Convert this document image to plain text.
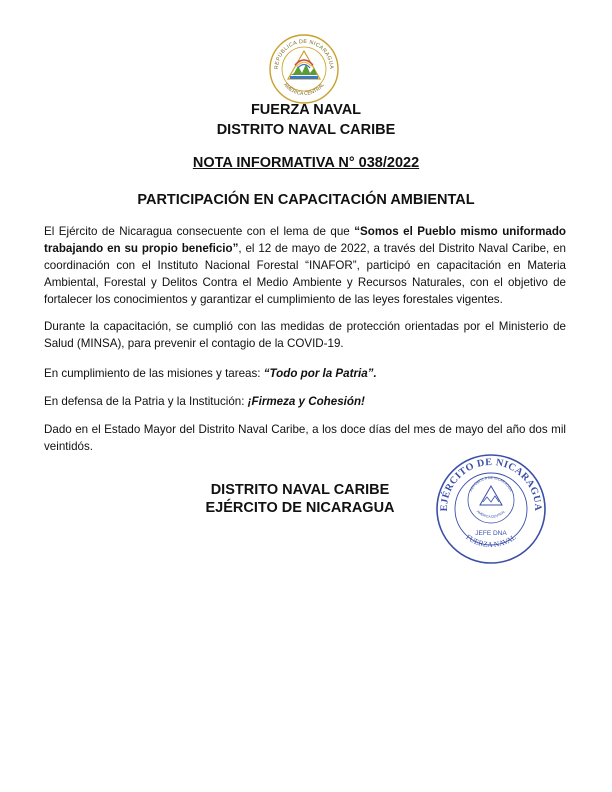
REPÚBLICA DE NICARAGUA
AMÉRICA CENTRAL
FUERZA NAVAL
DISTRITO NAVAL CARIBE
NOTA INFORMATIVA N° 038/2022
PARTICIPACIÓN EN CAPACITACIÓN AMBIENTAL
El Ejército de Nicaragua consecuente con el lema de que “Somos el Pueblo mismo uniformado trabajando en su propio beneficio”, el 12 de mayo de 2022, a través del Distrito Naval Caribe, en coordinación con el Instituto Nacional Forestal “INAFOR”, participó en capacitación en Materia Ambiental, Forestal y Delitos Contra el Medio Ambiente y Recursos Naturales, con el objetivo de fortalecer los conocimientos y garantizar el cumplimiento de las leyes forestales vigentes.
Durante la capacitación, se cumplió con las medidas de protección orientadas por el Ministerio de Salud (MINSA), para prevenir el contagio de la COVID-19.
En cumplimiento de las misiones y tareas: “Todo por la Patria”.
En defensa de la Patria y la Institución: ¡Firmeza y Cohesión!
Dado en el Estado Mayor del Distrito Naval Caribe, a los doce días del mes de mayo del año dos mil veintidós.
DISTRITO NAVAL CARIBE
EJÉRCITO DE NICARAGUA	EJÉRCITO DE NICARAGUA
FUERZA NAVAL
REPÚBLICA DE NICARAGUA
AMÉRICA CENTRAL
JEFE DNA
